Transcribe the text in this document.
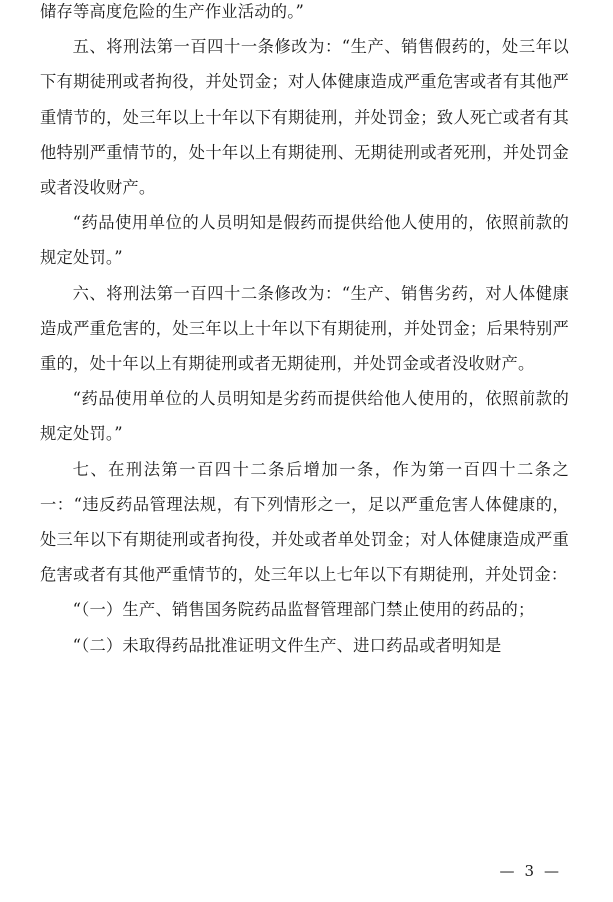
储存等高度危险的生产作业活动的。”

五、将刑法第一百四十一条修改为：“生产、销售假药的，处三年以下有期徒刑或者拘役，并处罚金；对人体健康造成严重危害或者有其他严重情节的，处三年以上十年以下有期徒刑，并处罚金；致人死亡或者有其他特别严重情节的，处十年以上有期徒刑、无期徒刑或者死刑，并处罚金或者没收财产。

“药品使用单位的人员明知是假药而提供给他人使用的，依照前款的规定处罚。”

六、将刑法第一百四十二条修改为：“生产、销售劣药，对人体健康造成严重危害的，处三年以上十年以下有期徒刑，并处罚金；后果特别严重的，处十年以上有期徒刑或者无期徒刑，并处罚金或者没收财产。

“药品使用单位的人员明知是劣药而提供给他人使用的，依照前款的规定处罚。”

七、在刑法第一百四十二条后增加一条，作为第一百四十二条之一：“违反药品管理法规，有下列情形之一，足以严重危害人体健康的，处三年以下有期徒刑或者拘役，并处或者单处罚金；对人体健康造成严重危害或者有其他严重情节的，处三年以上七年以下有期徒刑，并处罚金：

“（一）生产、销售国务院药品监督管理部门禁止使用的药品的；

“（二）未取得药品批准证明文件生产、进口药品或者明知是

— 3 —
